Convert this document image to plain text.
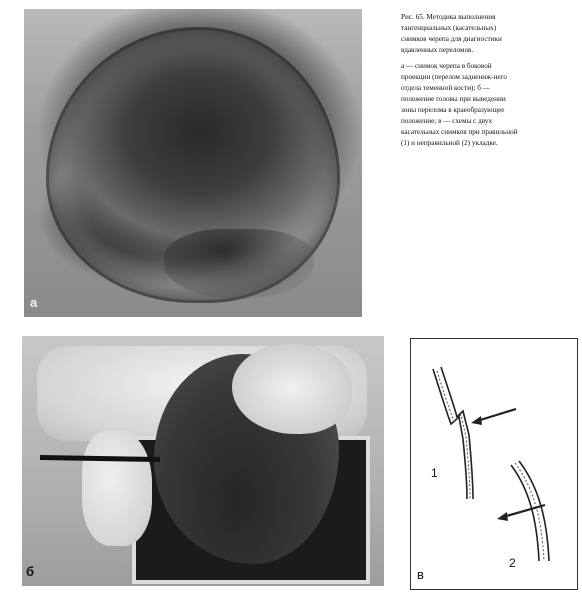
а
б
1
2
в

Рис. 65. Методика выполнения тангенциальных (касательных) снимков черепа для диагностики вдавленных переломов.

а — снимок черепа в боковой проекции (перелом заднениж-него отдела теменной кости); б — положение головы при выведении зоны перелома в краеобразующее положение; в — схемы с двух касательных снимков при правильной (1) и неправильной (2) укладке.
